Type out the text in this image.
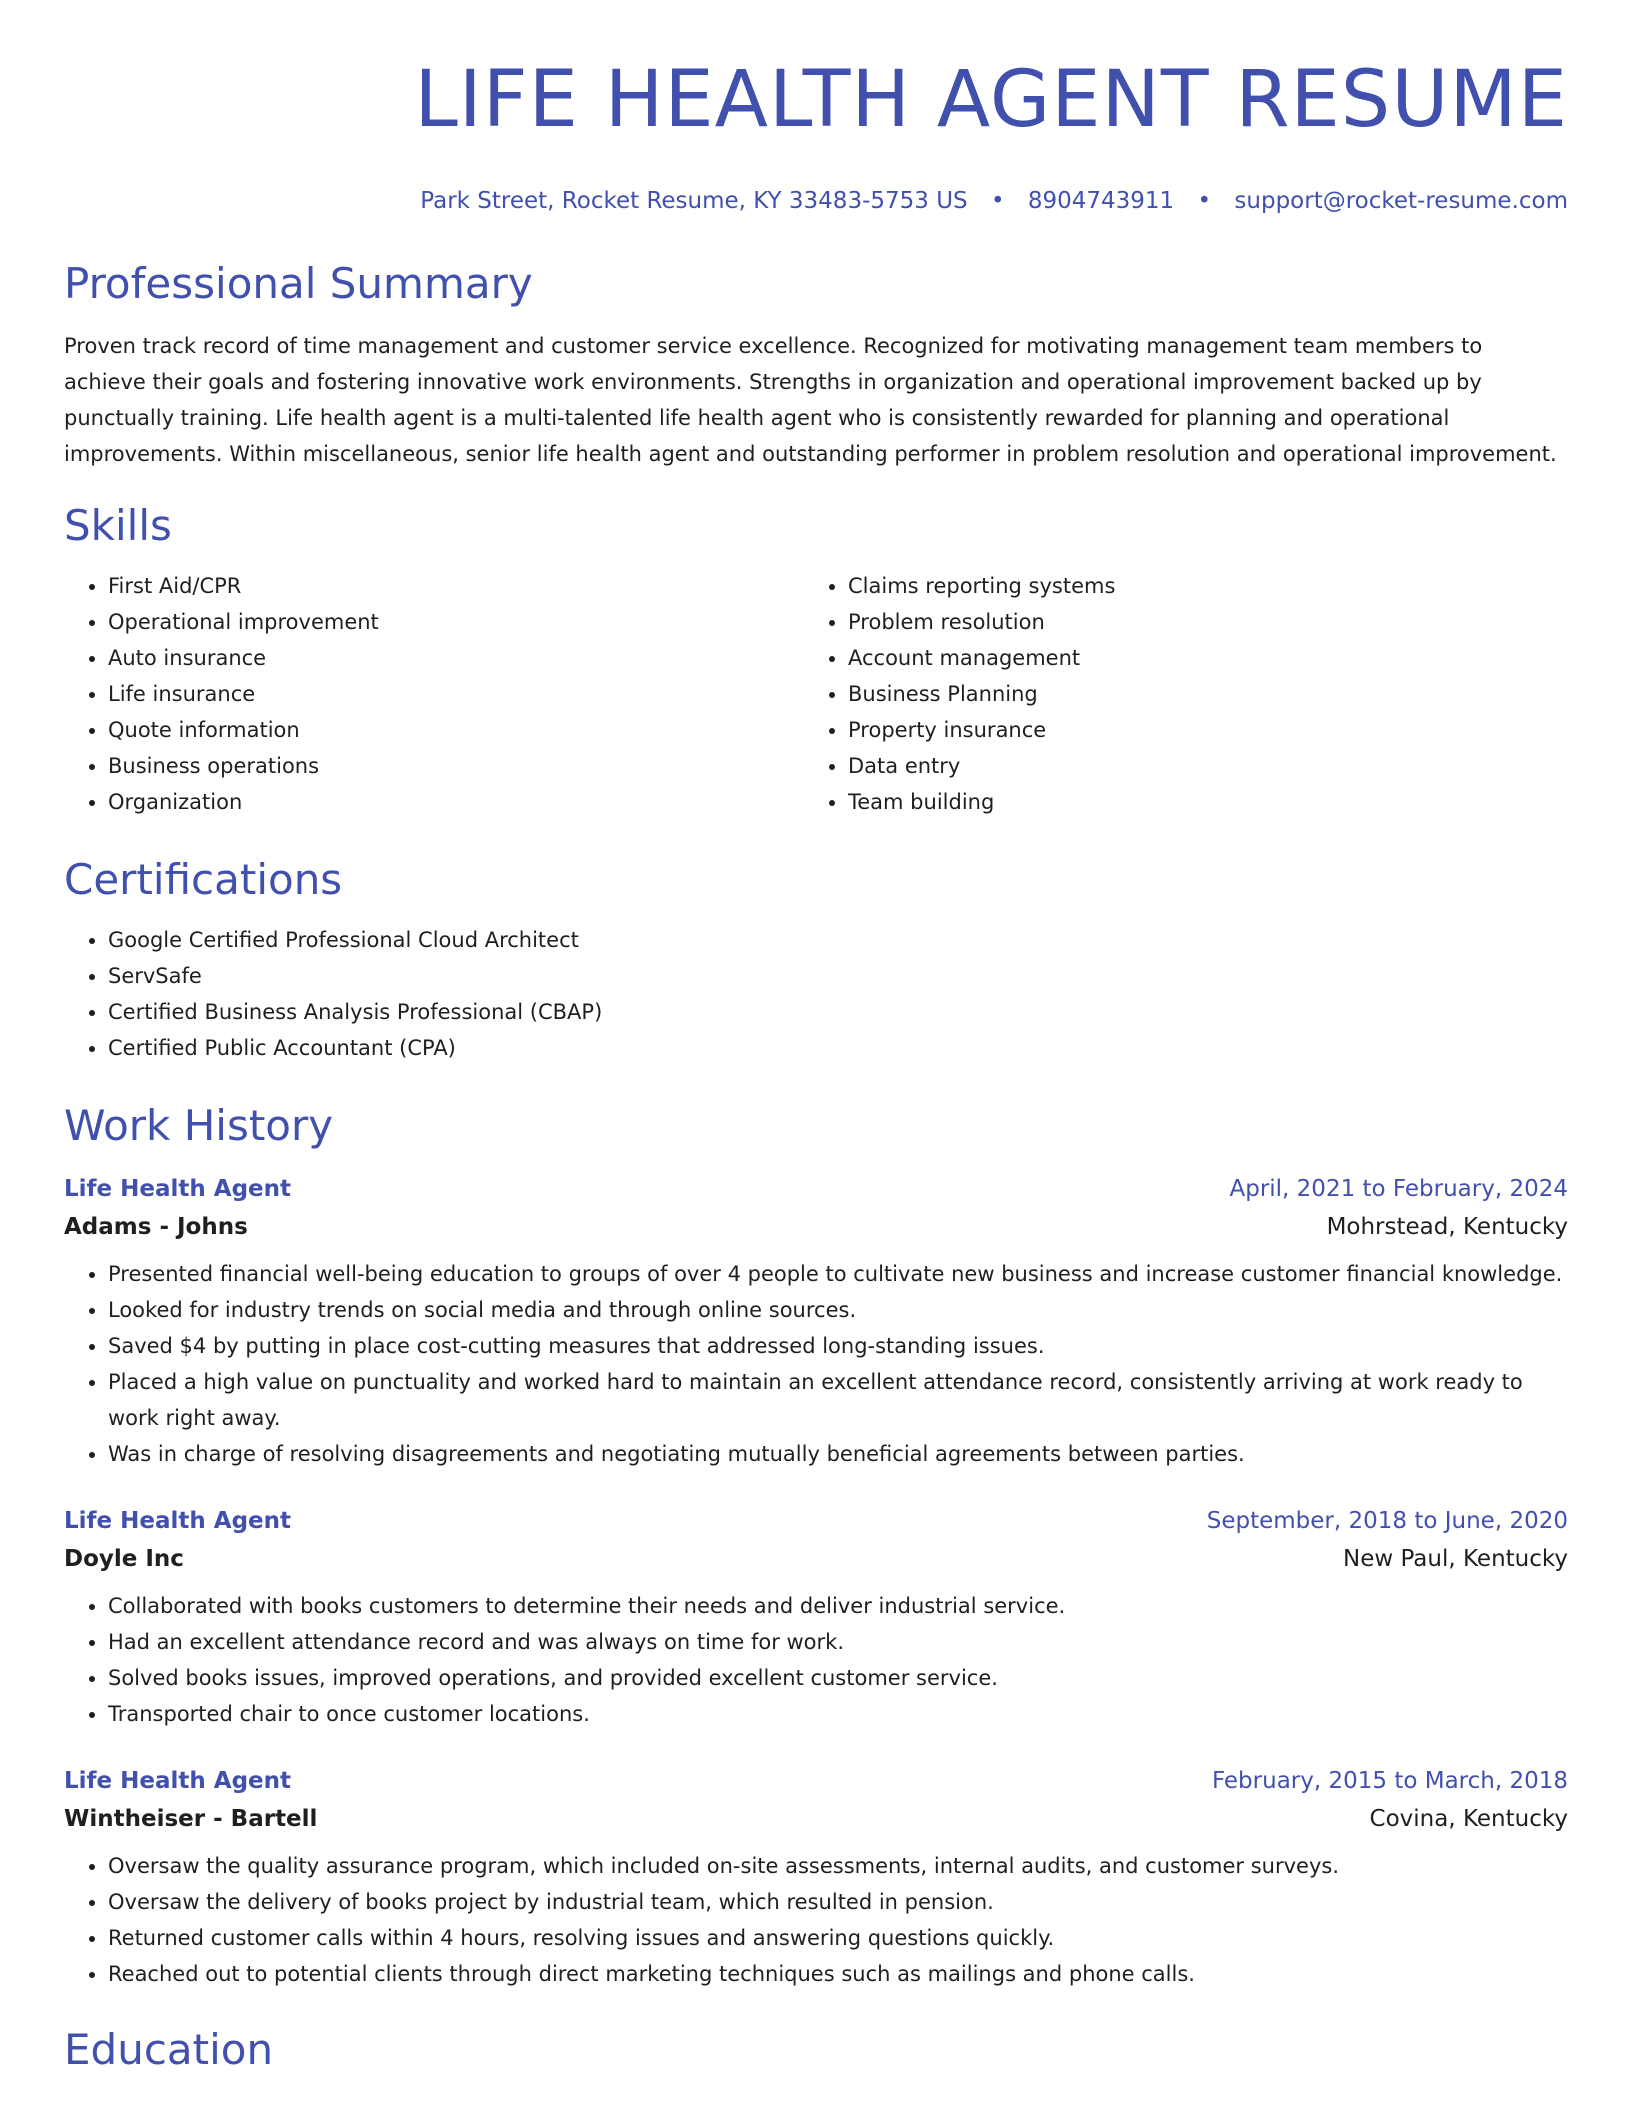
LIFE HEALTH AGENT RESUME
Park Street, Rocket Resume, KY 33483-5753 US • 8904743911 • support@rocket-resume.com
Professional Summary

Proven track record of time management and customer service excellence. Recognized for motivating management team members to achieve their goals and fostering innovative work environments. Strengths in organization and operational improvement backed up by punctually training. Life health agent is a multi-talented life health agent who is consistently rewarded for planning and operational improvements. Within miscellaneous, senior life health agent and outstanding performer in problem resolution and operational improvement.

Skills
• First Aid/CPR
• Operational improvement
• Auto insurance
• Life insurance
• Quote information
• Business operations
• Organization
• Claims reporting systems
• Problem resolution
• Account management
• Business Planning
• Property insurance
• Data entry
• Team building
Certifications
• Google Certified Professional Cloud Architect
• ServSafe
• Certified Business Analysis Professional (CBAP)
• Certified Public Accountant (CPA)
Work History
Life Health Agent	April, 2021 to February, 2024
Adams - Johns	Mohrstead, Kentucky
• Presented financial well-being education to groups of over 4 people to cultivate new business and increase customer financial knowledge.
• Looked for industry trends on social media and through online sources.
• Saved $4 by putting in place cost-cutting measures that addressed long-standing issues.
• Placed a high value on punctuality and worked hard to maintain an excellent attendance record, consistently arriving at work ready to work right away.
• Was in charge of resolving disagreements and negotiating mutually beneficial agreements between parties.
Life Health Agent	September, 2018 to June, 2020
Doyle Inc	New Paul, Kentucky
• Collaborated with books customers to determine their needs and deliver industrial service.
• Had an excellent attendance record and was always on time for work.
• Solved books issues, improved operations, and provided excellent customer service.
• Transported chair to once customer locations.
Life Health Agent	February, 2015 to March, 2018
Wintheiser - Bartell	Covina, Kentucky
• Oversaw the quality assurance program, which included on-site assessments, internal audits, and customer surveys.
• Oversaw the delivery of books project by industrial team, which resulted in pension.
• Returned customer calls within 4 hours, resolving issues and answering questions quickly.
• Reached out to potential clients through direct marketing techniques such as mailings and phone calls.
Education
